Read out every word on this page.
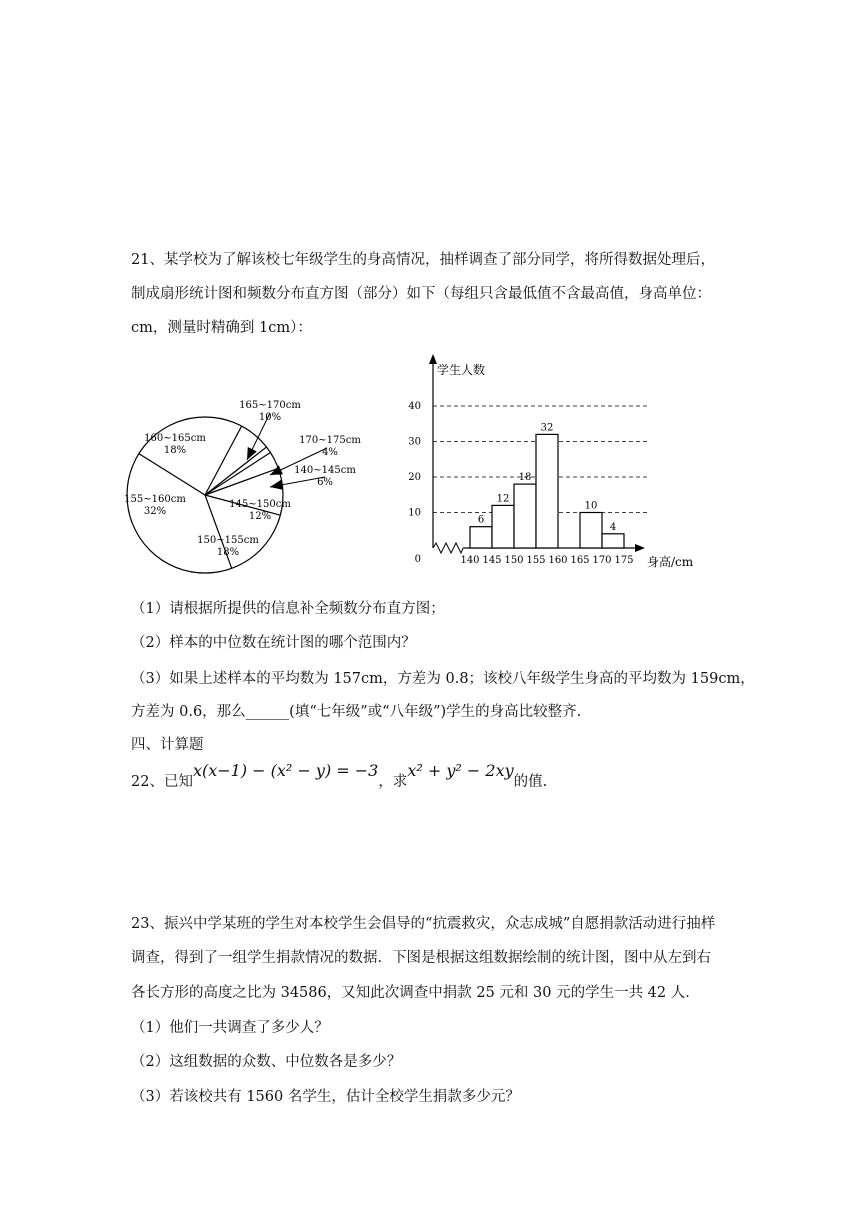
21、某学校为了解该校七年级学生的身高情况，抽样调查了部分同学，将所得数据处理后，
制成扇形统计图和频数分布直方图（部分）如下（每组只含最低值不含最高值，身高单位：
cm，测量时精确到 1cm）：
165~170cm 10%
160~165cm 18%
170~175cm 4%
140~145cm 6%
155~160cm 32%
145~150cm 12%
150~155cm 18%
6
12
18
32
10
4
140 145 150 155 160 165 170 175
0
10
20
30
40
学生人数
身高/cm
（1）请根据所提供的信息补全频数分布直方图；
（2）样本的中位数在统计图的哪个范围内？
（3）如果上述样本的平均数为 157cm，方差为 0.8；该校八年级学生身高的平均数为 159cm，
方差为 0.6，那么______(填“七年级”或“八年级”)学生的身高比较整齐.
四、计算题
22、已知x(x−1) − (x² − y) = −3，求x² + y² − 2xy的值.
23、振兴中学某班的学生对本校学生会倡导的“抗震救灾，众志成城”自愿捐款活动进行抽样
调查，得到了一组学生捐款情况的数据．下图是根据这组数据绘制的统计图，图中从左到右
各长方形的高度之比为 34586，又知此次调查中捐款 25 元和 30 元的学生一共 42 人．
（1）他们一共调查了多少人？
（2）这组数据的众数、中位数各是多少？
（3）若该校共有 1560 名学生，估计全校学生捐款多少元？
